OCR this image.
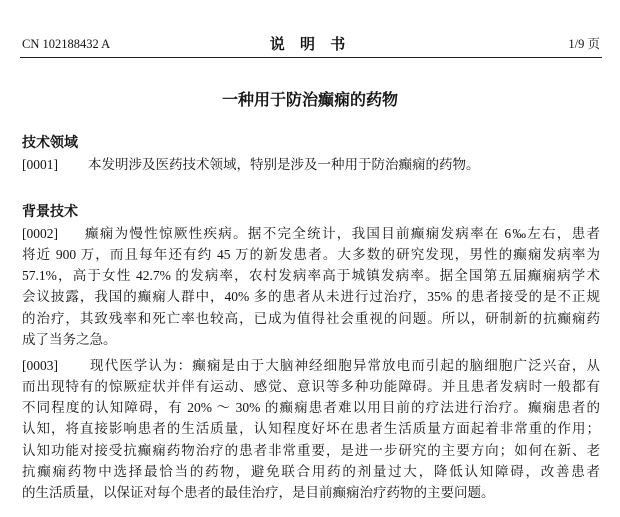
CN 102188432 A	说 明 书	1/9 页
一种用于防治癫痫的药物
技术领域
[0001] 本发明涉及医药技术领域，特别是涉及一种用于防治癫痫的药物。
背景技术
[0002] 癫痫为慢性惊厥性疾病。据不完全统计，我国目前癫痫发病率在 6‰左右，患者
将近 900 万，而且每年还有约 45 万的新发患者。大多数的研究发现，男性的癫痫发病率为
57.1%，高于女性 42.7% 的发病率，农村发病率高于城镇发病率。据全国第五届癫痫病学术
会议披露，我国的癫痫人群中，40% 多的患者从未进行过治疗，35% 的患者接受的是不正规
的治疗，其致残率和死亡率也较高，已成为值得社会重视的问题。所以，研制新的抗癫痫药
成了当务之急。
[0003] 现代医学认为：癫痫是由于大脑神经细胞异常放电而引起的脑细胞广泛兴奋，从
而出现特有的惊厥症状并伴有运动、感觉、意识等多种功能障碍。并且患者发病时一般都有
不同程度的认知障碍，有 20% ～ 30% 的癫痫患者难以用目前的疗法进行治疗。癫痫患者的
认知，将直接影响患者的生活质量，认知程度好坏在患者生活质量方面起着非常重的作用；
认知功能对接受抗癫痫药物治疗的患者非常重要，是进一步研究的主要方向；如何在新、老
抗癫痫药物中选择最恰当的药物，避免联合用药的剂量过大，降低认知障碍，改善患者
的生活质量，以保证对每个患者的最佳治疗，是目前癫痫治疗药物的主要问题。
